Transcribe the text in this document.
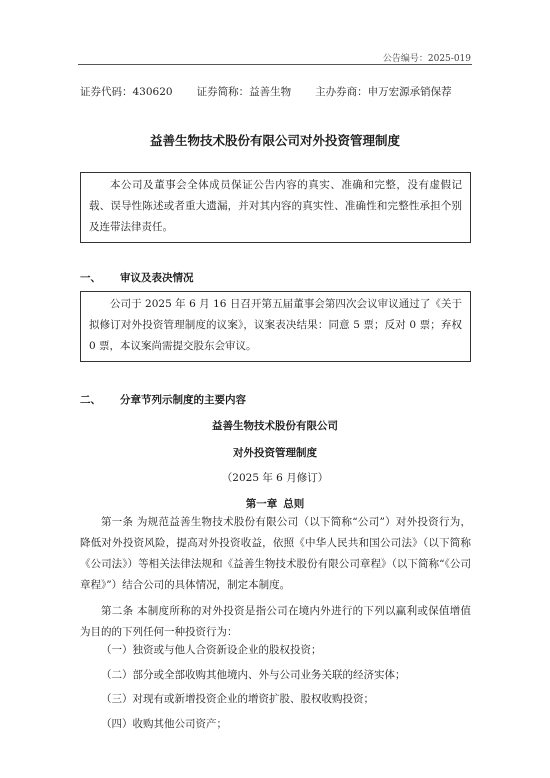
公告编号：2025-019
证券代码：430620 证券简称：益善生物 主办券商：申万宏源承销保荐
益善生物技术股份有限公司对外投资管理制度
本公司及董事会全体成员保证公告内容的真实、准确和完整，没有虚假记载、误导性陈述或者重大遗漏，并对其内容的真实性、准确性和完整性承担个别及连带法律责任。
一、 审议及表决情况
公司于 2025 年 6 月 16 日召开第五届董事会第四次会议审议通过了《关于拟修订对外投资管理制度的议案》，议案表决结果：同意 5 票；反对 0 票；弃权 0 票，本议案尚需提交股东会审议。
二、 分章节列示制度的主要内容
益善生物技术股份有限公司
对外投资管理制度
（2025 年 6 月修订）
第一章 总则
第一条 为规范益善生物技术股份有限公司（以下简称“公司”）对外投资行为，降低对外投资风险，提高对外投资收益，依照《中华人民共和国公司法》（以下简称《公司法》）等相关法律法规和《益善生物技术股份有限公司章程》（以下简称“《公司章程》”）结合公司的具体情况，制定本制度。
第二条 本制度所称的对外投资是指公司在境内外进行的下列以赢利或保值增值为目的的下列任何一种投资行为：
（一）独资或与他人合资新设企业的股权投资；
（二）部分或全部收购其他境内、外与公司业务关联的经济实体；
（三）对现有或新增投资企业的增资扩股、股权收购投资；
（四）收购其他公司资产；
